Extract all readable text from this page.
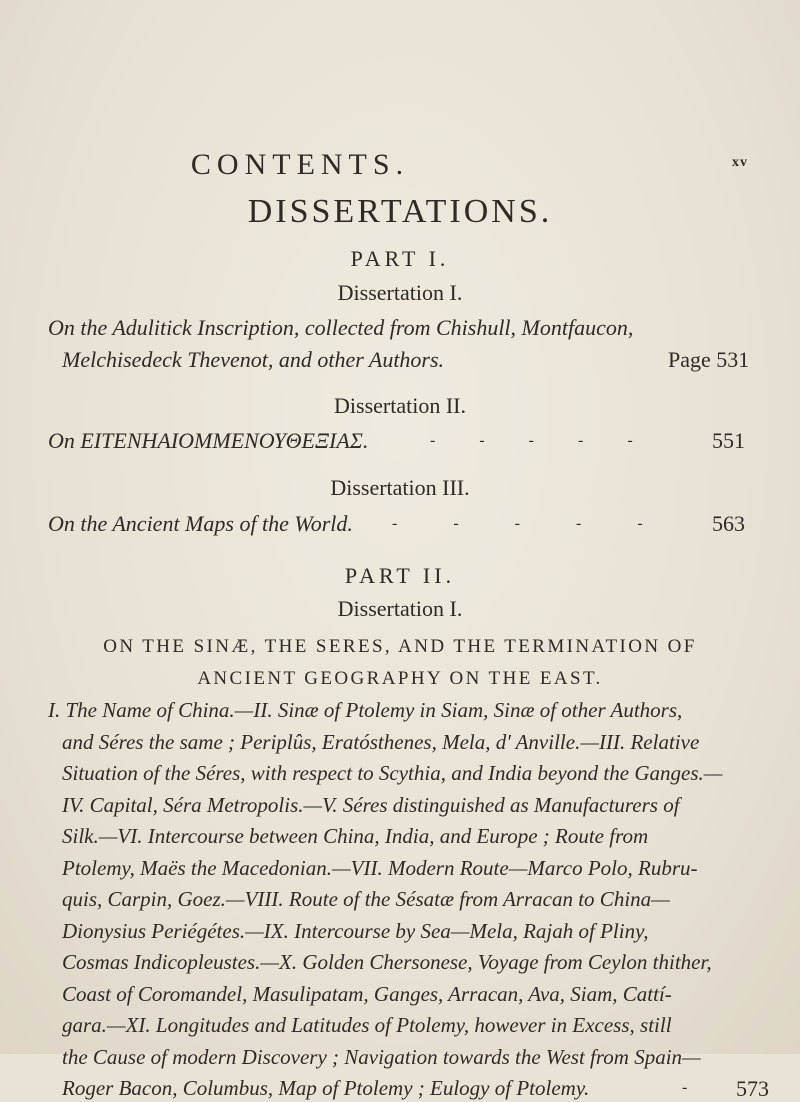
CONTENTS.	xv
DISSERTATIONS.
PART I.
Dissertation I.
On the Adulitick Inscription, collected from Chishull, Montfaucon,
Melchisedeck Thevenot, and other Authors.	Page 531
Dissertation II.
On ΕΙΤΕΝΗΑΙΟΜΜΕΝΟΥΘΕΞΙΑΣ.	----- 551
Dissertation III.
On the Ancient Maps of the World. ----- 563
PART II.
Dissertation I.
ON THE SINÆ, THE SERES, AND THE TERMINATION OF
ANCIENT GEOGRAPHY ON THE EAST.
I. The Name of China.—II. Sinæ of Ptolemy in Siam, Sinæ of other Authors,
and Séres the same ; Periplûs, Eratósthenes, Mela, d' Anville.—III. Relative
Situation of the Séres, with respect to Scythia, and India beyond the Ganges.—
IV. Capital, Séra Metropolis.—V. Séres distinguished as Manufacturers of
Silk.—VI. Intercourse between China, India, and Europe ; Route from
Ptolemy, Maës the Macedonian.—VII. Modern Route—Marco Polo, Rubru-
quis, Carpin, Goez.—VIII. Route of the Sésatæ from Arracan to China—
Dionysius Periégétes.—IX. Intercourse by Sea—Mela, Rajah of Pliny,
Cosmas Indicopleustes.—X. Golden Chersonese, Voyage from Ceylon thither,
Coast of Coromandel, Masulipatam, Ganges, Arracan, Ava, Siam, Cattí-
gara.—XI. Longitudes and Latitudes of Ptolemy, however in Excess, still
the Cause of modern Discovery ; Navigation towards the West from Spain—
Roger Bacon, Columbus, Map of Ptolemy ; Eulogy of Ptolemy.	- 573
